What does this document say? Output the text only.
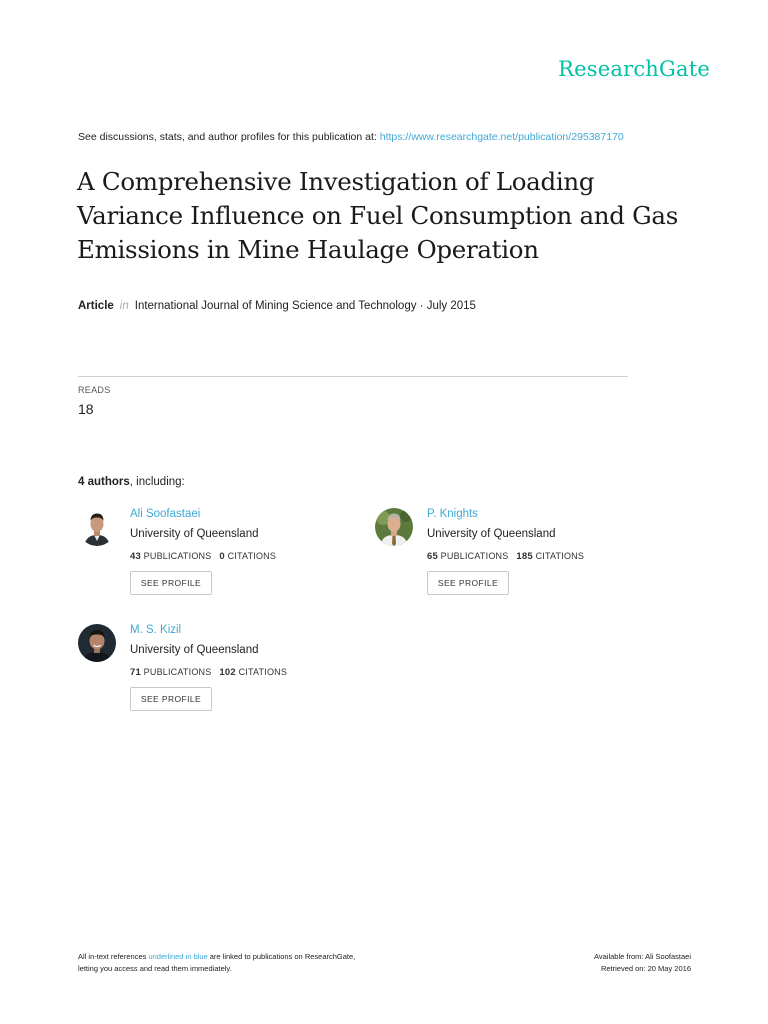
ResearchGate
See discussions, stats, and author profiles for this publication at: https://www.researchgate.net/publication/295387170
A Comprehensive Investigation of Loading Variance Influence on Fuel Consumption and Gas Emissions in Mine Haulage Operation
Article in International Journal of Mining Science and Technology · July 2015
READS
18
4 authors, including:
Ali Soofastaei
University of Queensland
43 PUBLICATIONS 0 CITATIONS
SEE PROFILE
P. Knights
University of Queensland
65 PUBLICATIONS 185 CITATIONS
SEE PROFILE
M. S. Kizil
University of Queensland
71 PUBLICATIONS 102 CITATIONS
SEE PROFILE
All in-text references underlined in blue are linked to publications on ResearchGate,
letting you access and read them immediately.
Available from: Ali Soofastaei
Retrieved on: 20 May 2016
